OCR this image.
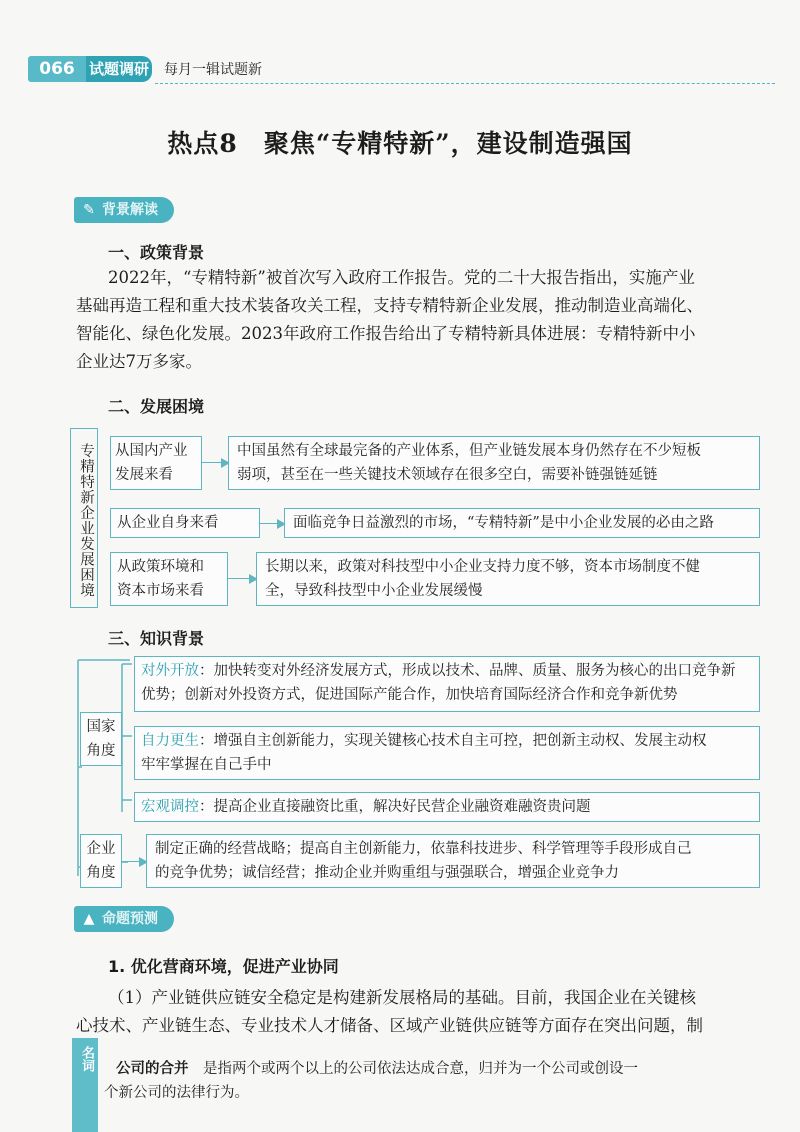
066 试题调研 每月一辑试题新
热点8　聚焦“专精特新”，建设制造强国
✎ 背景解读
一、政策背景
2022年，“专精特新”被首次写入政府工作报告。党的二十大报告指出，实施产业
基础再造工程和重大技术装备攻关工程，支持专精特新企业发展，推动制造业高端化、
智能化、绿色化发展。2023年政府工作报告给出了专精特新具体进展：专精特新中小
企业达7万多家。
二、发展困境
专精特新企业发展困境 从国内产业
发展来看
中国虽然有全球最完备的产业体系，但产业链发展本身仍然存在不少短板
弱项，甚至在一些关键技术领域存在很多空白，需要补链强链延链
从企业自身来看	面临竞争日益激烈的市场，“专精特新”是中小企业发展的必由之路
从政策环境和
资本市场来看
长期以来，政策对科技型中小企业支持力度不够，资本市场制度不健
全，导致科技型中小企业发展缓慢
三、知识背景
国家
角度
对外开放：加快转变对外经济发展方式，形成以技术、品牌、质量、服务为核心的出口竞争新
优势；创新对外投资方式，促进国际产能合作，加快培育国际经济合作和竞争新优势
自力更生：增强自主创新能力，实现关键核心技术自主可控，把创新主动权、发展主动权
牢牢掌握在自己手中
宏观调控：提高企业直接融资比重，解决好民营企业融资难融资贵问题
企业
角度
制定正确的经营战略；提高自主创新能力，依靠科技进步、科学管理等手段形成自己
的竞争优势；诚信经营；推动企业并购重组与强强联合，增强企业竞争力
▲ 命题预测
1. 优化营商环境，促进产业协同
（1）产业链供应链安全稳定是构建新发展格局的基础。目前，我国企业在关键核
心技术、产业链生态、专业技术人才储备、区域产业链供应链等方面存在突出问题，制
名词	公司的合并　 是指两个或两个以上的公司依法达成合意，归并为一个公司或创设一
个新公司的法律行为。
